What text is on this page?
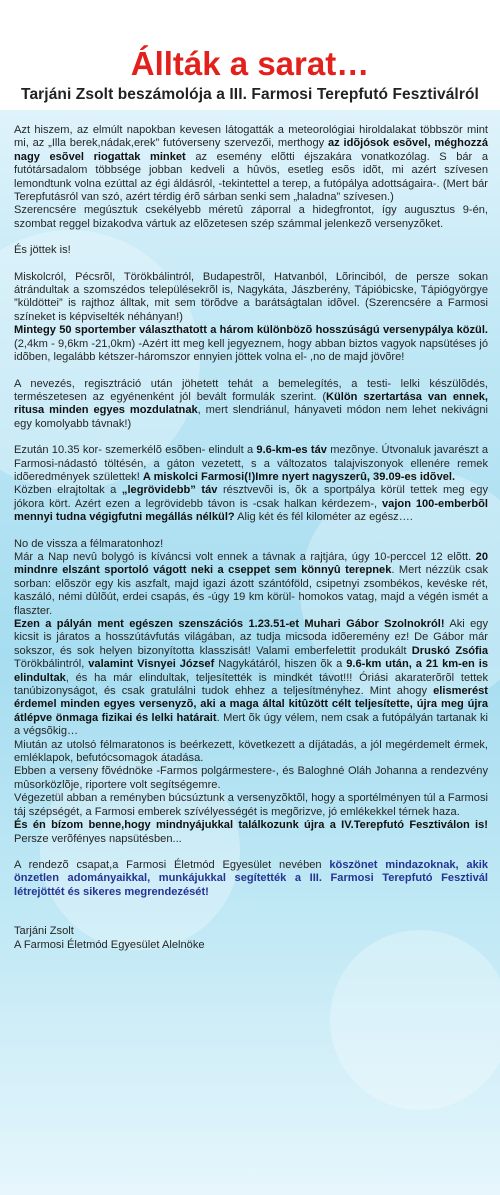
Állták a sarat…
Tarjáni Zsolt beszámolója a III. Farmosi Terepfutó Fesztiválról

Azt hiszem, az elmúlt napokban kevesen látogatták a meteorológiai hiroldalakat többször mint mi, az „Illa berek,nádak,erek” futóverseny szervezői, merthogy az idõjósok esõvel, méghozzá nagy esõvel riogattak minket az esemény elõtti éjszakára vonatkozólag. S bár a futótársadalom többsége jobban kedveli a hûvös, esetleg esõs idõt, mi azért szívesen lemondtunk volna ezúttal az égi áldásról, -tekintettel a terep, a futópálya adottságaira-. (Mert bár Terepfutásról van szó, azért térdig érõ sárban senki sem „haladna” szívesen.)

Szerencsére megúsztuk csekélyebb méretû záporral a hidegfrontot, így augusztus 9-én, szombat reggel bizakodva vártuk az elõzetesen szép számmal jelenkezõ versenyzõket.

És jöttek is!

Miskolcról, Pécsrõl, Törökbálintról, Budapestrõl, Hatvanból, Lõrinciból, de persze sokan átrándultak a szomszédos településekrõl is, Nagykáta, Jászberény, Tápióbicske, Tápiógyörgye ”küldöttei” is rajthoz álltak, mit sem törõdve a barátságtalan idõvel. (Szerencsére a Farmosi színeket is képviselték néhányan!)

Mintegy 50 sportember választhatott a három különbözõ hosszúságú versenypálya közül. (2,4km - 9,6km -21,0km) -Azért itt meg kell jegyeznem, hogy abban biztos vagyok napsütéses jó idõben, legalább kétszer-háromszor ennyien jöttek volna el- ,no de majd jövõre!

A nevezés, regisztráció után jöhetett tehát a bemelegítés, a testi- lelki készülõdés, természetesen az egyénenként jól bevált formulák szerint. (Külön szertartása van ennek, ritusa minden egyes mozdulatnak, mert slendriánul, hányaveti módon nem lehet nekivágni egy komolyabb távnak!)

Ezután 10.35 kor- szemerkélõ esõben- elindult a 9.6-km-es táv mezõnye. Útvonaluk javarészt a Farmosi-nádastó töltésén, a gáton vezetett, s a változatos talajviszonyok ellenére remek idõeredmények születtek! A miskolci Farmosi(!)Imre nyert nagyszerû, 39.09-es idõvel.

Közben elrajtoltak a „legrövidebb” táv résztvevõi is, õk a sportpálya körül tettek meg egy jókora kört. Azért ezen a legrövidebb távon is -csak halkan kérdezem-, vajon 100-emberbõl mennyi tudna végigfutni megállás nélkül? Alig két és fél kilométer az egész….

No de vissza a félmaratonhoz!

Már a Nap nevû bolygó is kíváncsi volt ennek a távnak a rajtjára, úgy 10-perccel 12 elõtt. 20 mindnre elszánt sportoló vágott neki a cseppet sem könnyû terepnek. Mert nézzük csak sorban: elõször egy kis aszfalt, majd igazi ázott szántóföld, csipetnyi zsombékos, kevéske rét, kaszáló, némi dûlõút, erdei csapás, és -úgy 19 km körül- homokos vatag, majd a végén ismét a flaszter.

Ezen a pályán ment egészen szenszációs 1.23.51-et Muhari Gábor Szolnokról! Aki egy kicsit is járatos a hosszútávfutás világában, az tudja micsoda idõeremény ez! De Gábor már sokszor, és sok helyen bizonyította klasszisát! Valami emberfelettit produkált Druskó Zsófia Törökbálintról, valamint Visnyei József Nagykátáról, hiszen õk a 9.6-km után, a 21 km-en is elindultak, és ha már elindultak, teljesítették is mindkét távot!!! Óriási akaraterõrõl tettek tanúbizonyságot, és csak gratulálni tudok ehhez a teljesítményhez. Mint ahogy elismerést érdemel minden egyes versenyzõ, aki a maga által kitûzött célt teljesítette, újra meg újra átlépve önmaga fizikai és lelki határait. Mert õk úgy vélem, nem csak a futópályán tartanak ki a végsõkig…

Miután az utolsó félmaratonos is beérkezett, következett a díjátadás, a jól megérdemelt érmek, emléklapok, befutócsomagok átadása.

Ebben a verseny fõvédnöke -Farmos polgármestere-, és Baloghné Oláh Johanna a rendezvény mûsorközlõje, riportere volt segítségemre.

Végezetül abban a reményben búcsúztunk a versenyzõktõl, hogy a sportélményen túl a Farmosi táj szépségét, a Farmosi emberek szívélyességét is megõrizve, jó emlékekkel térnek haza.

És én bízom benne,hogy mindnyájukkal találkozunk újra a IV.Terepfutó Fesztiválon is! Persze verõfényes napsütésben...

A rendezõ csapat,a Farmosi Életmód Egyesület nevében köszönet mindazoknak, akik önzetlen adományaikkal, munkájukkal segítették a III. Farmosi Terepfutó Fesztivál létrejöttét és sikeres megrendezését!

Tarjáni Zsolt

A Farmosi Életmód Egyesület Alelnöke
